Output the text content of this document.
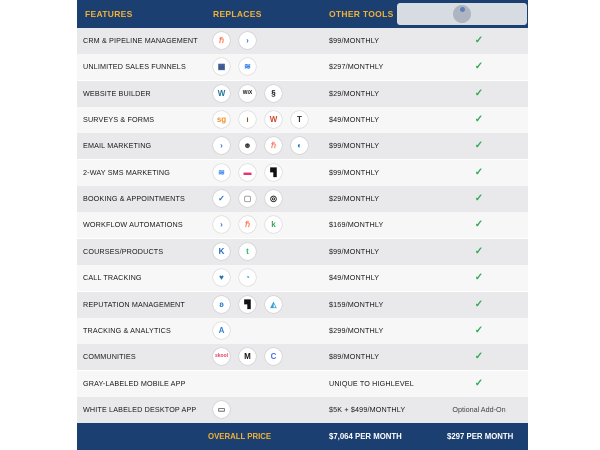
FEATURES	REPLACES	OTHER TOOLS
CRM & PIPELINE MANAGEMENT	ℏ	›	$99/MONTHLY	✓
UNLIMITED SALES FUNNELS	▦	≋	$297/MONTHLY	✓
WEBSITE BUILDER	W	WiX	§	$29/MONTHLY	✓
SURVEYS & FORMS	sg	ı	W	T	$49/MONTHLY	✓
EMAIL MARKETING	›	☻	ℏ	◐	$99/MONTHLY	✓
2-WAY SMS MARKETING	≋	▬	▜	$99/MONTHLY	✓
BOOKING & APPOINTMENTS	✓	▢	◎	$29/MONTHLY	✓
WORKFLOW AUTOMATIONS	›	ℏ	k	$169/MONTHLY	✓
COURSES/PRODUCTS	K	t	$99/MONTHLY	✓
CALL TRACKING	♥	◔	$49/MONTHLY	✓
REPUTATION MANAGEMENT	ʚ	▜	◭	$159/MONTHLY	✓
TRACKING & ANALYTICS	A	$299/MONTHLY	✓
COMMUNITIES	skool	M	C	$89/MONTHLY	✓
GRAY-LABELED MOBILE APP	UNIQUE TO HIGHLEVEL	✓
WHITE LABELED DESKTOP APP	▭	$5K + $499/MONTHLY	Optional Add-On
OVERALL PRICE	$7,064 PER MONTH	$297 PER MONTH
